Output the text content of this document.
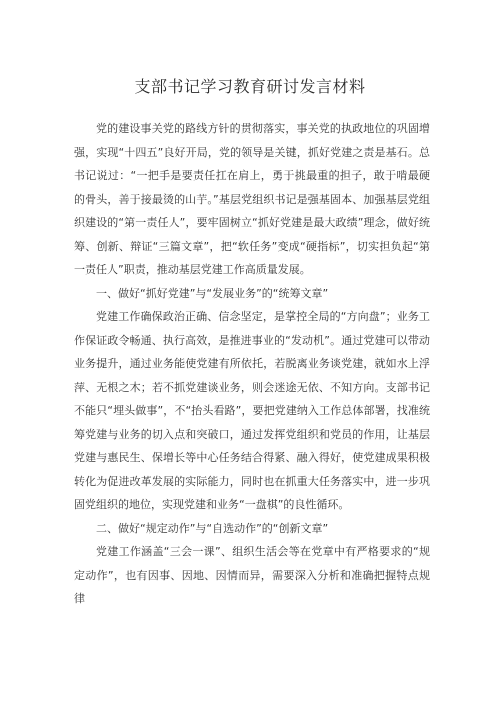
支部书记学习教育研讨发言材料

党的建设事关党的路线方针的贯彻落实，事关党的执政地位的巩固增强，实现“十四五”良好开局，党的领导是关键，抓好党建之责是基石。总书记说过：“一把手是要责任扛在肩上，勇于挑最重的担子，敢于啃最硬的骨头，善于接最烫的山芋。”基层党组织书记是强基固本、加强基层党组织建设的“第一责任人”，要牢固树立“抓好党建是最大政绩”理念，做好统筹、创新、辩证“三篇文章”，把“软任务”变成“硬指标”，切实担负起“第一责任人”职责，推动基层党建工作高质量发展。

一、做好“抓好党建”与“发展业务”的“统筹文章”

党建工作确保政治正确、信念坚定，是掌控全局的“方向盘”；业务工作保证政令畅通、执行高效，是推进事业的“发动机”。通过党建可以带动业务提升，通过业务能使党建有所依托，若脱离业务谈党建，就如水上浮萍、无根之木；若不抓党建谈业务，则会迷途无依、不知方向。支部书记不能只“埋头做事”，不“抬头看路”，要把党建纳入工作总体部署，找准统筹党建与业务的切入点和突破口，通过发挥党组织和党员的作用，让基层党建与惠民生、保增长等中心任务结合得紧、融入得好，使党建成果积极转化为促进改革发展的实际能力，同时也在抓重大任务落实中，进一步巩固党组织的地位，实现党建和业务“一盘棋”的良性循环。

二、做好“规定动作”与“自选动作”的“创新文章”

党建工作涵盖“三会一课”、组织生活会等在党章中有严格要求的“规定动作”，也有因事、因地、因情而异，需要深入分析和准确把握特点规律
